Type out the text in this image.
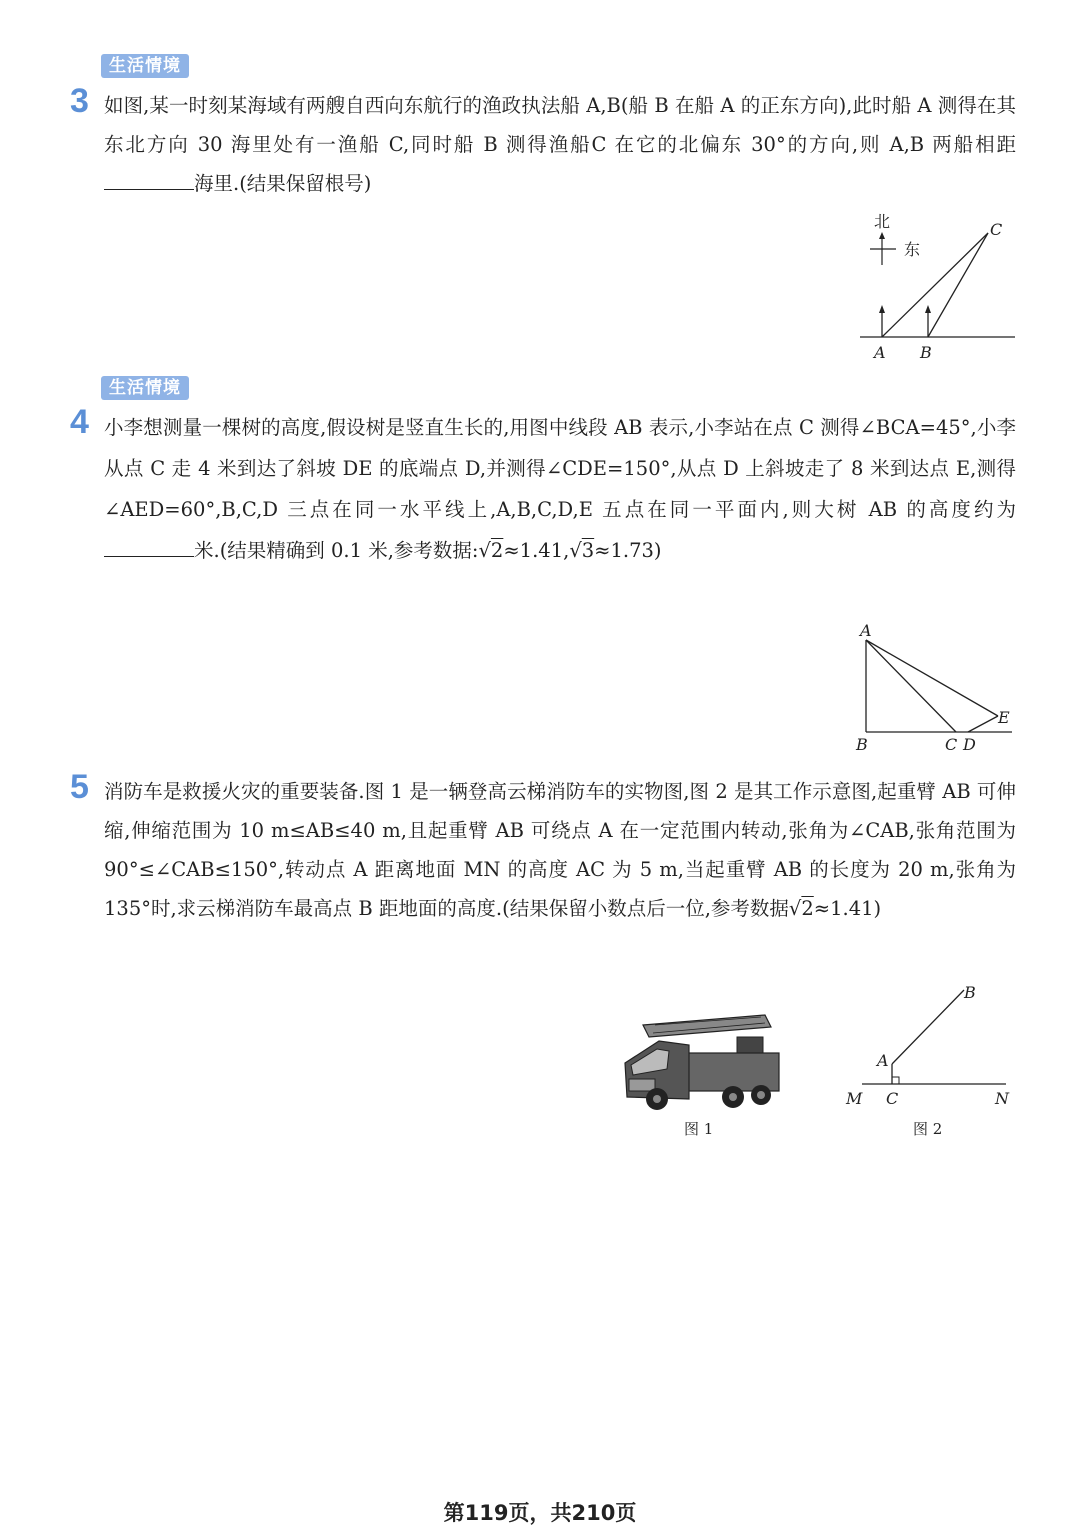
生活情境
3 如图,某一时刻某海域有两艘自西向东航行的渔政执法船 A,B(船 B 在船 A 的正东方向),此时船 A 测得在其东北方向 30 海里处有一渔船 C,同时船 B 测得渔船C 在它的北偏东 30°的方向,则 A,B 两船相距海里.(结果保留根号)

北
东
C
A B
生活情境
4 小李想测量一棵树的高度,假设树是竖直生长的,用图中线段 AB 表示,小李站在点 C 测得∠BCA=45°,小李从点 C 走 4 米到达了斜坡 DE 的底端点 D,并测得∠CDE=150°,从点 D 上斜坡走了 8 米到达点 E,测得∠AED=60°,B,C,D 三点在同一水平线上,A,B,C,D,E 五点在同一平面内,则大树 AB 的高度约为米.(结果精确到 0.1 米,参考数据:√2≈1.41,√3≈1.73)

A
B	C D
E
5 消防车是救援火灾的重要装备.图 1 是一辆登高云梯消防车的实物图,图 2 是其工作示意图,起重臂 AB 可伸缩,伸缩范围为 10 m≤AB≤40 m,且起重臂 AB 可绕点 A 在一定范围内转动,张角为∠CAB,张角范围为 90°≤∠CAB≤150°,转动点 A 距离地面 MN 的高度 AC 为 5 m,当起重臂 AB 的长度为 20 m,张角为 135°时,求云梯消防车最高点 B 距地面的高度.(结果保留小数点后一位,参考数据√2≈1.41)

图 1
B
A
M C	N
图 2
第119页，共210页
